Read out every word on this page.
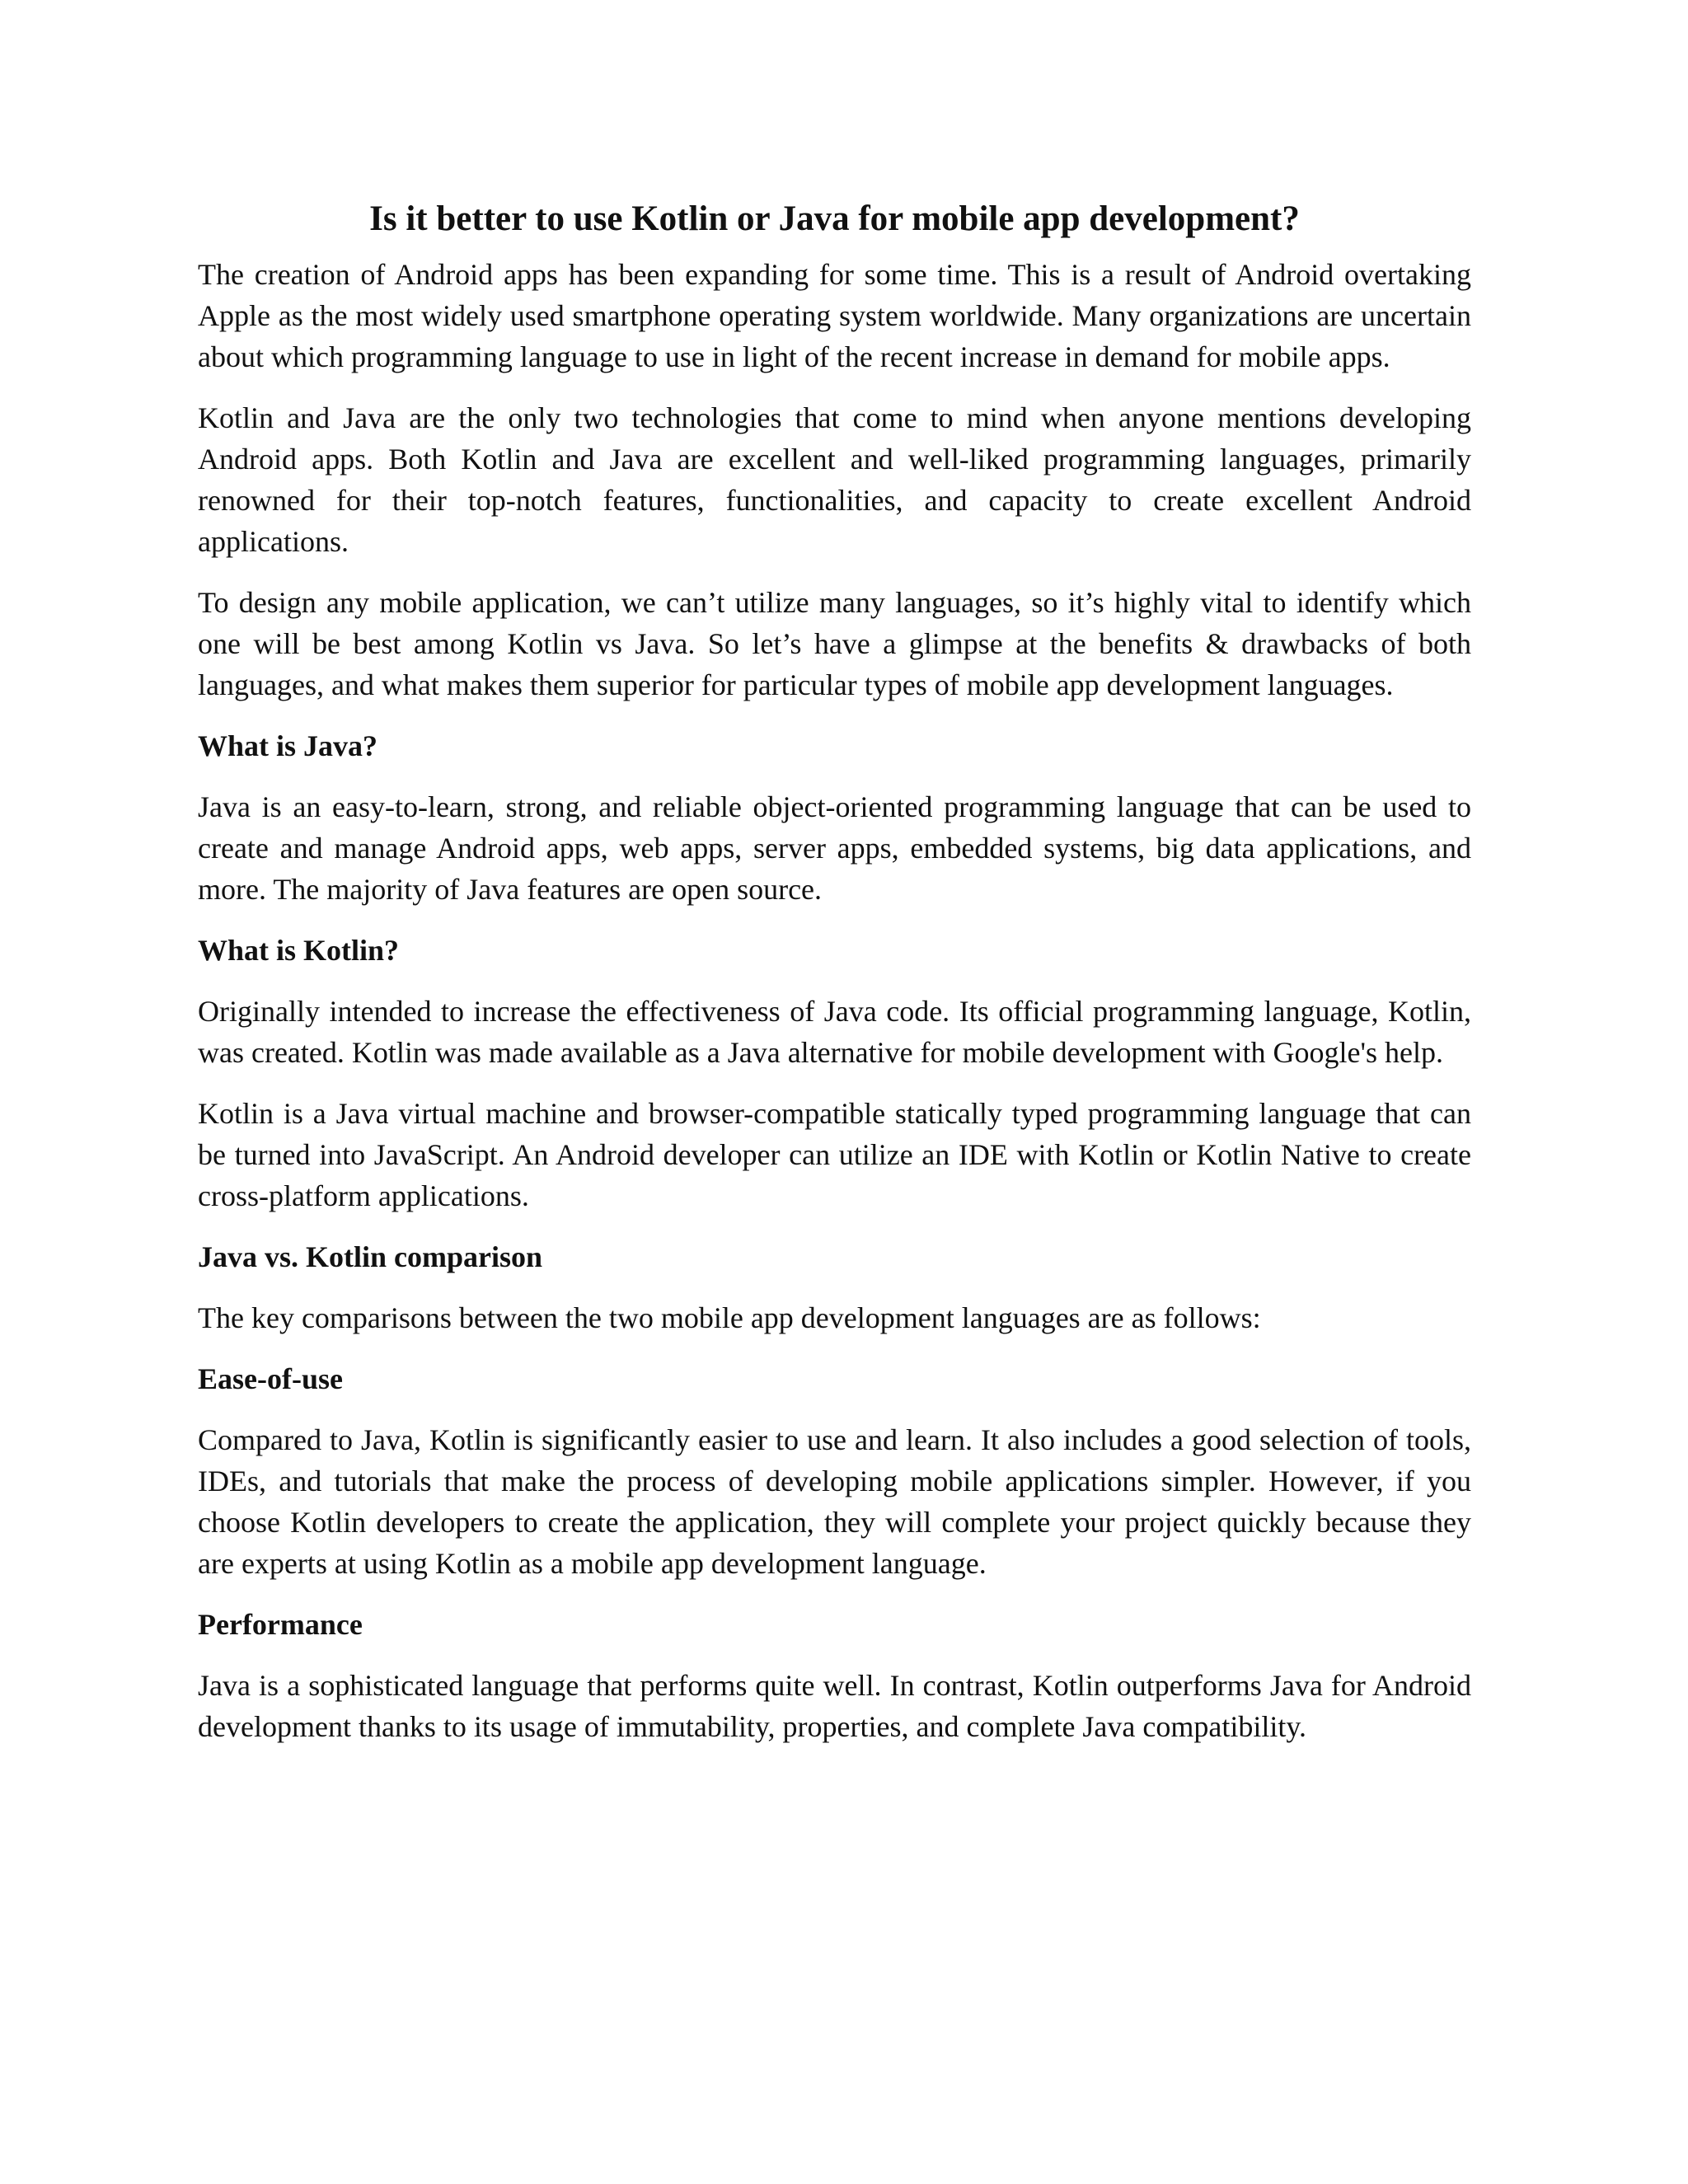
Is it better to use Kotlin or Java for mobile app development?

The creation of Android apps has been expanding for some time. This is a result of Android overtaking Apple as the most widely used smartphone operating system worldwide. Many organizations are uncertain about which programming language to use in light of the recent increase in demand for mobile apps.

Kotlin and Java are the only two technologies that come to mind when anyone mentions developing Android apps. Both Kotlin and Java are excellent and well-liked programming languages, primarily renowned for their top-notch features, functionalities, and capacity to create excellent Android applications.

To design any mobile application, we can’t utilize many languages, so it’s highly vital to identify which one will be best among Kotlin vs Java. So let’s have a glimpse at the benefits & drawbacks of both languages, and what makes them superior for particular types of mobile app development languages.

What is Java?

Java is an easy-to-learn, strong, and reliable object-oriented programming language that can be used to create and manage Android apps, web apps, server apps, embedded systems, big data applications, and more. The majority of Java features are open source.

What is Kotlin?

Originally intended to increase the effectiveness of Java code. Its official programming language, Kotlin, was created. Kotlin was made available as a Java alternative for mobile development with Google's help.

Kotlin is a Java virtual machine and browser-compatible statically typed programming language that can be turned into JavaScript. An Android developer can utilize an IDE with Kotlin or Kotlin Native to create cross-platform applications.

Java vs. Kotlin comparison

The key comparisons between the two mobile app development languages are as follows:

Ease-of-use

Compared to Java, Kotlin is significantly easier to use and learn. It also includes a good selection of tools, IDEs, and tutorials that make the process of developing mobile applications simpler. However, if you choose Kotlin developers to create the application, they will complete your project quickly because they are experts at using Kotlin as a mobile app development language.

Performance

Java is a sophisticated language that performs quite well. In contrast, Kotlin outperforms Java for Android development thanks to its usage of immutability, properties, and complete Java compatibility.
